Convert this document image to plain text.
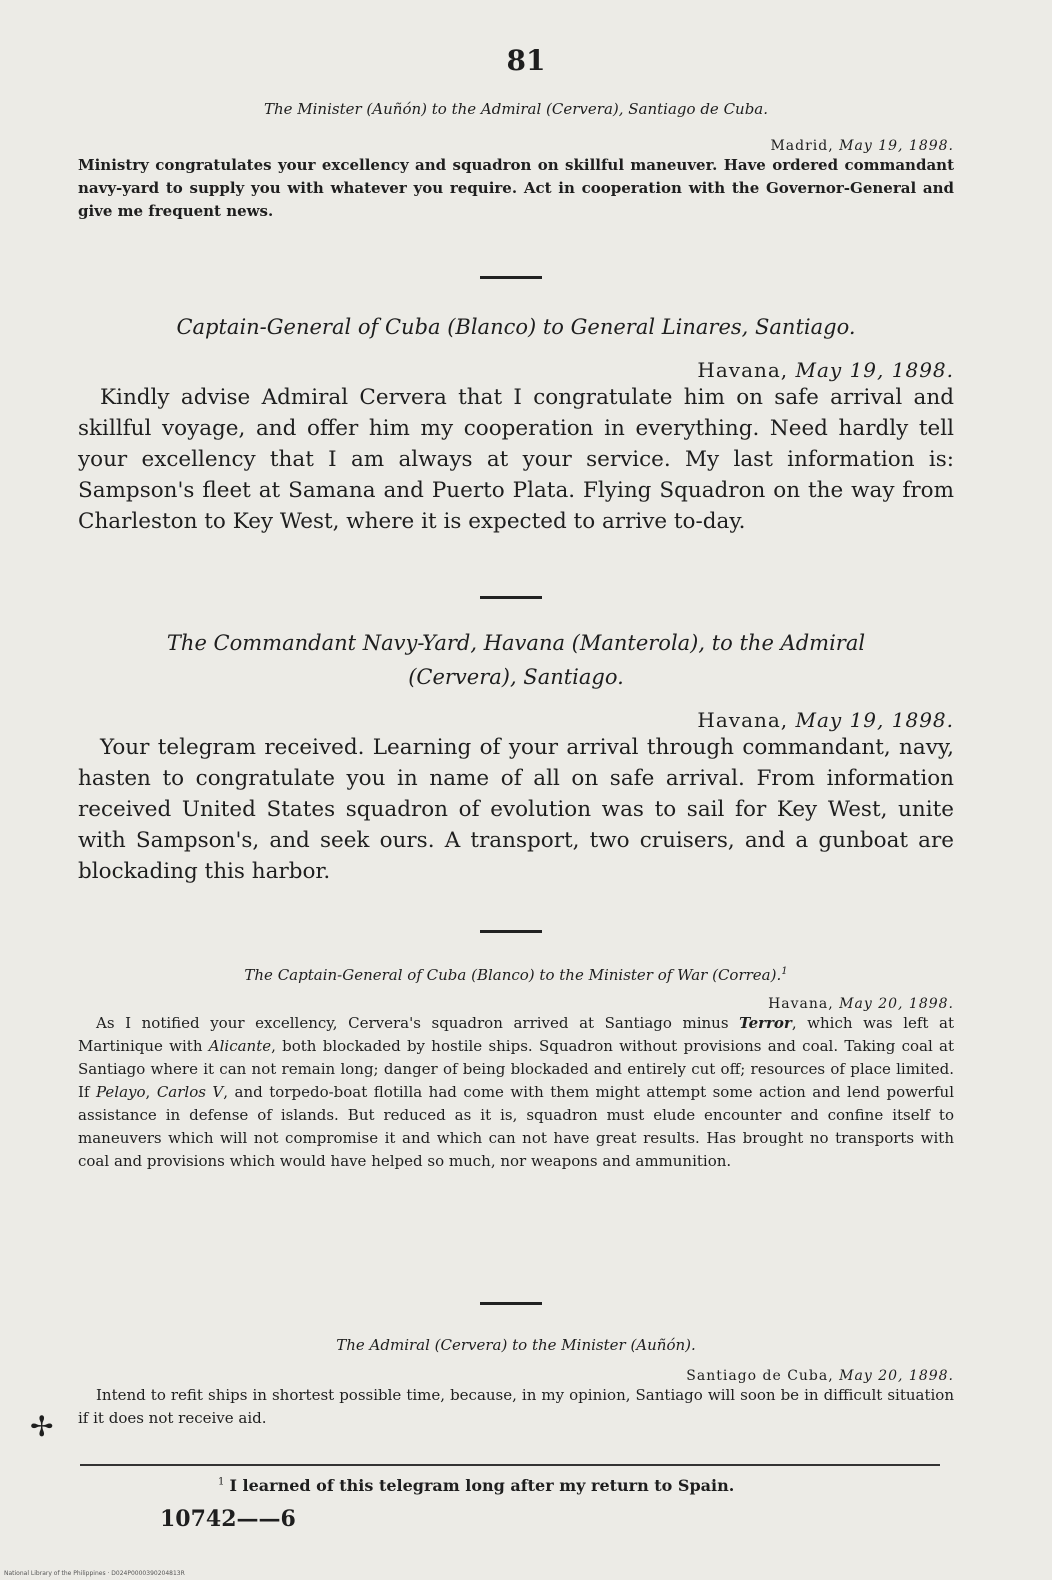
81

The Minister (Auñón) to the Admiral (Cervera), Santiago de Cuba.

Madrid, May 19, 1898.

Ministry congratulates your excellency and squadron on skillful maneuver. Have ordered commandant navy-yard to supply you with whatever you require. Act in cooperation with the Governor-General and give me frequent news.

Captain-General of Cuba (Blanco) to General Linares, Santiago.

Havana, May 19, 1898.

Kindly advise Admiral Cervera that I congratulate him on safe arrival and skillful voyage, and offer him my cooperation in everything. Need hardly tell your excellency that I am always at your service. My last information is: Sampson's fleet at Samana and Puerto Plata. Flying Squadron on the way from Charleston to Key West, where it is expected to arrive to-day.

The Commandant Navy-Yard, Havana (Manterola), to the Admiral

(Cervera), Santiago.

Havana, May 19, 1898.

Your telegram received. Learning of your arrival through commandant, navy, hasten to congratulate you in name of all on safe arrival. From information received United States squadron of evolution was to sail for Key West, unite with Sampson's, and seek ours. A transport, two cruisers, and a gunboat are blockading this harbor.

The Captain-General of Cuba (Blanco) to the Minister of War (Correa).$^1$

Havana, May 20, 1898.

As I notified your excellency, Cervera's squadron arrived at Santiago minus Terror, which was left at Martinique with Alicante, both blockaded by hostile ships. Squadron without provisions and coal. Taking coal at Santiago where it can not remain long; danger of being blockaded and entirely cut off; resources of place limited. If Pelayo, Carlos V, and torpedo-boat flotilla had come with them might attempt some action and lend powerful assistance in defense of islands. But reduced as it is, squadron must elude encounter and confine itself to maneuvers which will not compromise it and which can not have great results. Has brought no transports with coal and provisions which would have helped so much, nor weapons and ammunition.

The Admiral (Cervera) to the Minister (Auñón).

Santiago de Cuba, May 20, 1898.

Intend to refit ships in shortest possible time, because, in my opinion, Santiago will soon be in difficult situation if it does not receive aid.

✢
$^1$ I learned of this telegram long after my return to Spain.
10742——6
National Library of the Philippines · D024P0000390204813R
